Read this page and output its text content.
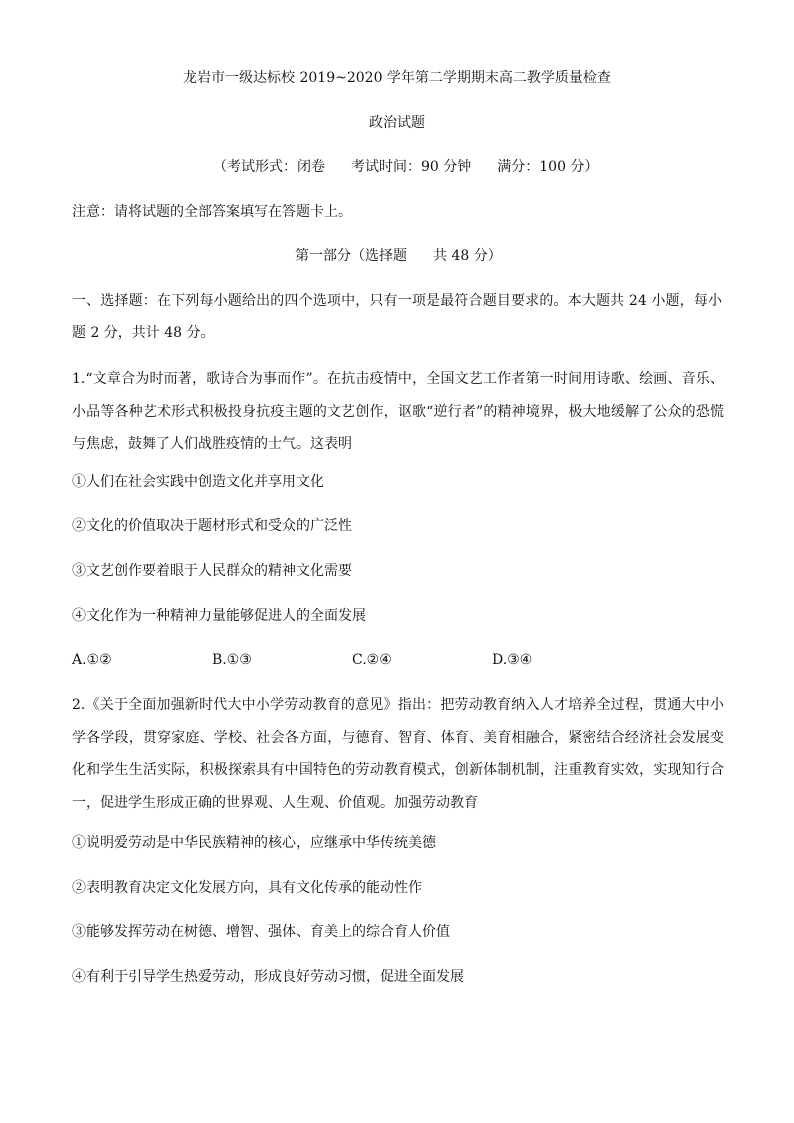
龙岩市一级达标校 2019~2020 学年第二学期期末高二教学质量检查
政治试题
（考试形式：闭卷 考试时间：90 分钟 满分：100 分）
注意：请将试题的全部答案填写在答题卡上。
第一部分（选择题 共 48 分）
一、选择题：在下列每小题给出的四个选项中，只有一项是最符合题目要求的。本大题共 24 小题，每小题 2 分，共计 48 分。
1.“文章合为时而著，歌诗合为事而作”。在抗击疫情中，全国文艺工作者第一时间用诗歌、绘画、音乐、小品等各种艺术形式积极投身抗疫主题的文艺创作，讴歌“逆行者”的精神境界，极大地缓解了公众的恐慌与焦虑，鼓舞了人们战胜疫情的士气。这表明
①人们在社会实践中创造文化并享用文化
②文化的价值取决于题材形式和受众的广泛性
③文艺创作要着眼于人民群众的精神文化需要
④文化作为一种精神力量能够促进人的全面发展
A.①②	B.①③	C.②④	D.③④
2.《关于全面加强新时代大中小学劳动教育的意见》指出：把劳动教育纳入人才培养全过程，贯通大中小学各学段，贯穿家庭、学校、社会各方面，与德育、智育、体育、美育相融合，紧密结合经济社会发展变化和学生生活实际，积极探索具有中国特色的劳动教育模式，创新体制机制，注重教育实效，实现知行合一，促进学生形成正确的世界观、人生观、价值观。加强劳动教育
①说明爱劳动是中华民族精神的核心，应继承中华传统美德
②表明教育决定文化发展方向，具有文化传承的能动性作
③能够发挥劳动在树德、增智、强体、育美上的综合育人价值
④有利于引导学生热爱劳动，形成良好劳动习惯，促进全面发展
